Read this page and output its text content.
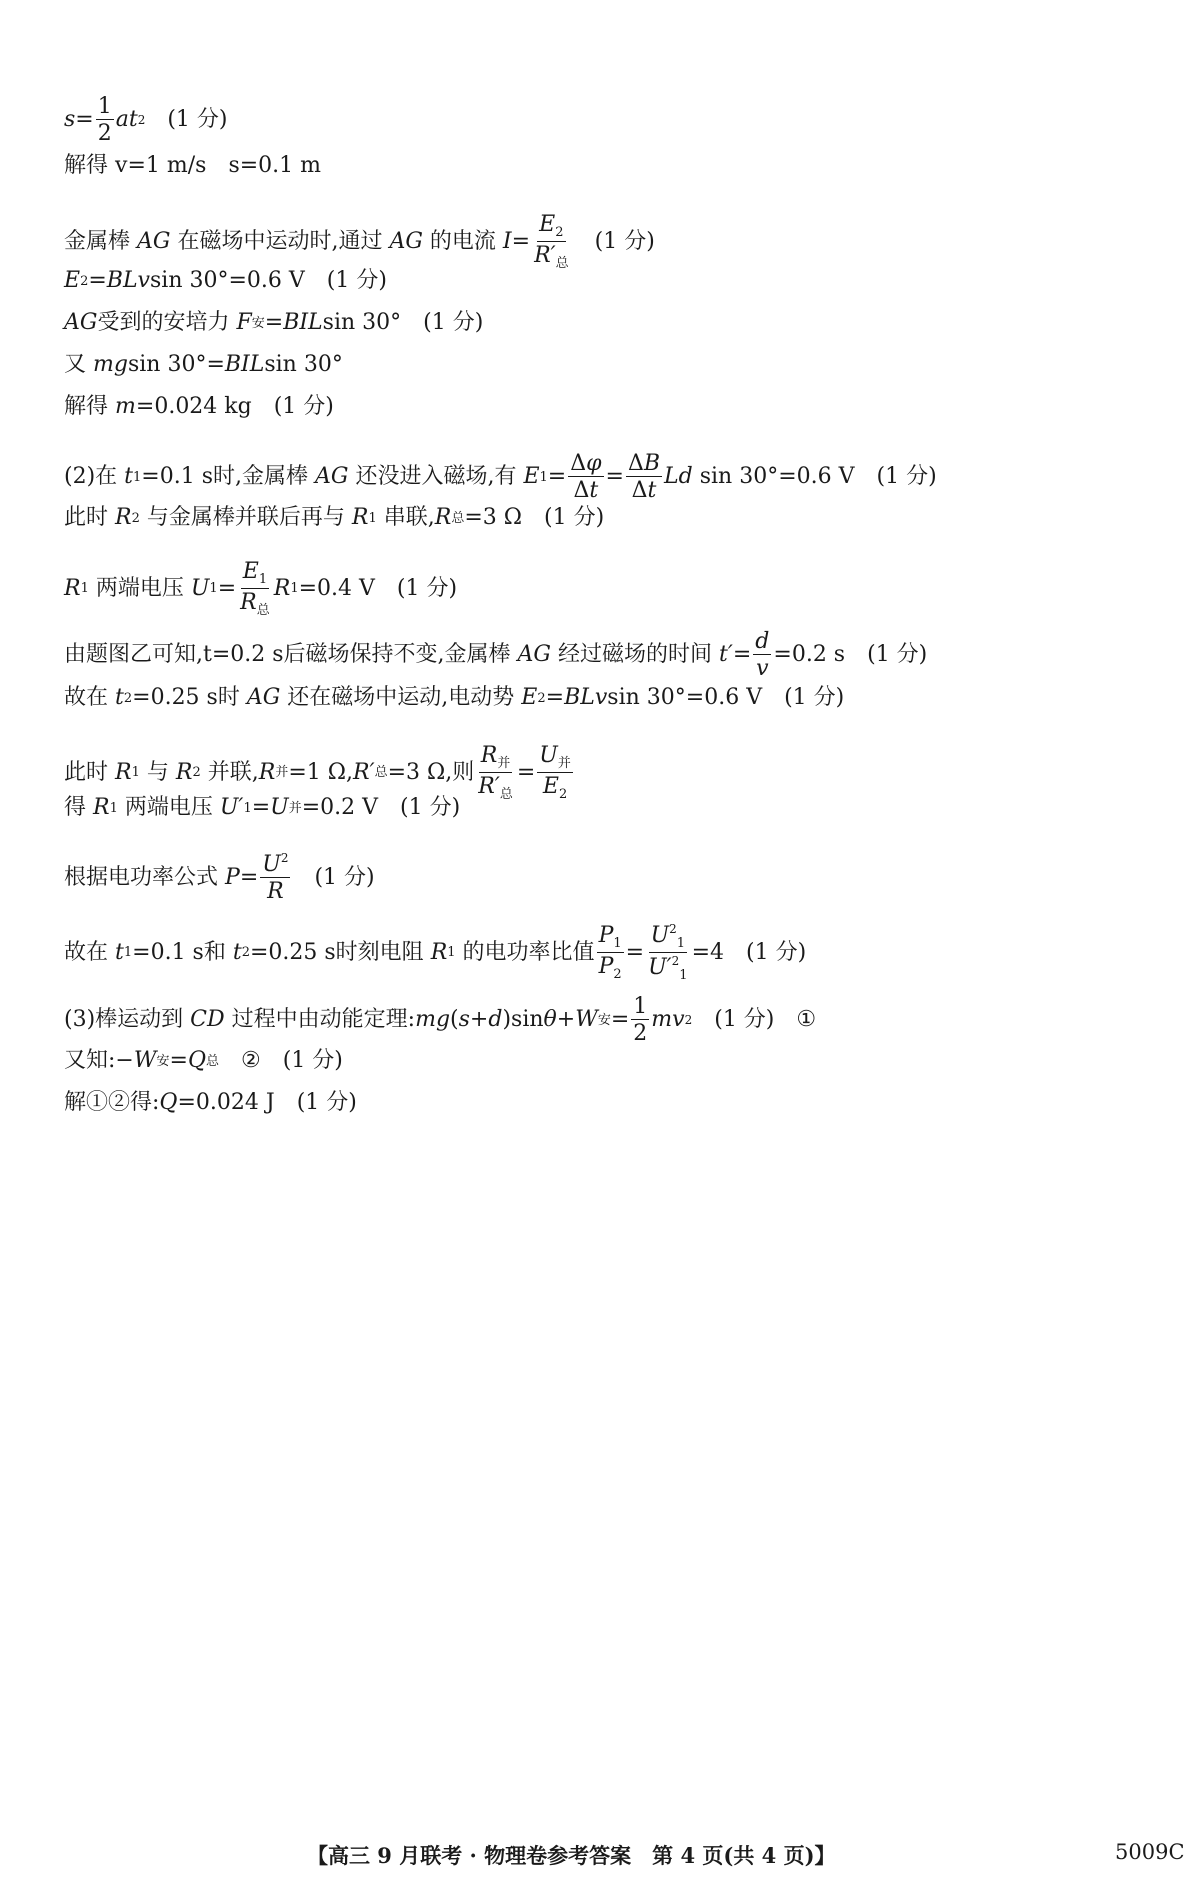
$s = \frac{1}{2}$ at 2 (1 分)
解得
v=1 m/s s=0.1 m
金属棒 AG 在磁场中运动时,通过 AG 的电流 $I = \frac{E_2}{R'_总} (1$ 分)
E 2 = BLv sin 30° =0.6 V (1 分)
AG 受到的安培力
F 安 = BIL sin 30° (1 分)
又
mg sin 30°= BIL sin 30°
解得
m =0.024 kg (1 分)
(2)在
t 1 =0.1 s时,金属棒 AG 还没进入磁场,有
E $1 = \frac{\Delta\varphi}{\Delta t} = \frac{\Delta B}{\Delta t}$ Ld sin 30° =0.6 V (1 分)
此时
R 2
与金属棒并联后再与
R 1
串联, R 总 =3 Ω (1 分)
R 1
两端电压
U $1 = \frac{E_1}{R_总}$ R 1 =0.4 V (1 分)
由题图乙可知, t=0.2 s后磁场保持不变,金属棒 AG 经过磁场的时间
$t' = \frac{d}{v} =0.2$ s (1 分)
故在
t 2 =0.25 s时 AG 还在磁场中运动,电动势
E 2 = BLv sin 30° =0.6 V (1 分)
此时
R 1
与
R 2
并联, R 并 =1 Ω, R′ 总 =3 Ω,则 $\frac{R_并}{R'_总} = \frac{U_并}{E_2}$
得
R 1
两端电压
U′ 1 = U 并 =0.2 V (1 分)
根据电功率公式
$P = \frac{U^2}{R} (1$ 分)
故在
t 1 =0.1 s和
t 2 =0.25 s时刻电阻
R 1
的电功率比值 $\frac{P_1}{P_2} = \frac{U^2_1}{U'^2_1} =4$ (1 分)
(3)棒运动到
CD
过程中由动能定理: mg ( s + d )sin θ + W 安 = $\frac{1}{2}$ mv 2 (1 分) ①
又知: − W 安 = Q 总 ② (1 分)
解①②得: Q =0.024 J (1 分)
【高三 9 月联考 · 物理卷参考答案　第 4 页(共 4 页)】	5009C
